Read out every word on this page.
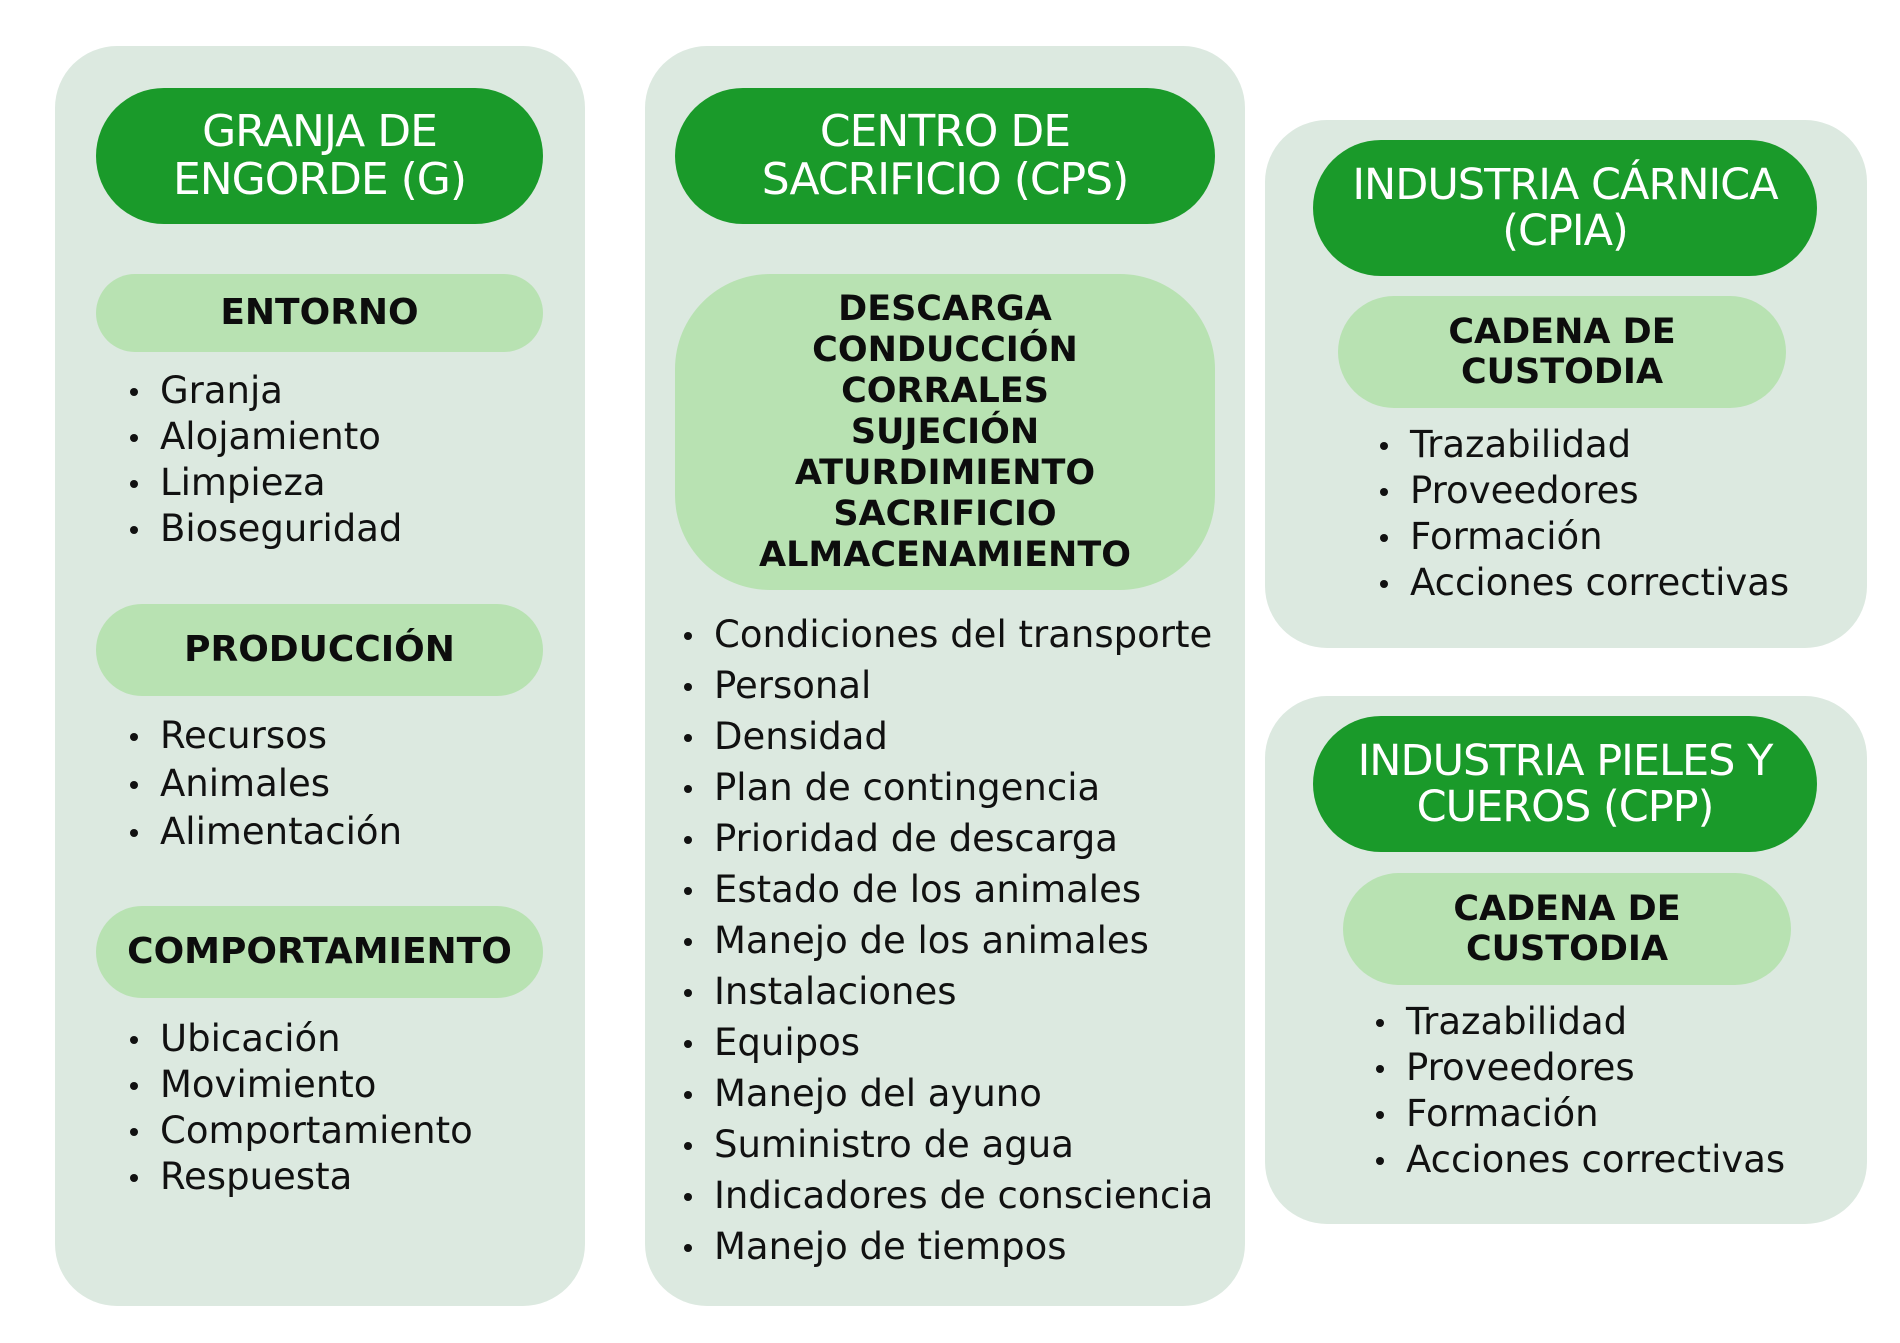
GRANJA DE
ENGORDE (G)
ENTORNO
Granja
Alojamiento
Limpieza
Bioseguridad
PRODUCCIÓN
Recursos
Animales
Alimentación
COMPORTAMIENTO
Ubicación
Movimiento
Comportamiento
Respuesta
CENTRO DE
SACRIFICIO (CPS)
DESCARGA
CONDUCCIÓN
CORRALES
SUJECIÓN
ATURDIMIENTO
SACRIFICIO
ALMACENAMIENTO
Condiciones del transporte
Personal
Densidad
Plan de contingencia
Prioridad de descarga
Estado de los animales
Manejo de los animales
Instalaciones
Equipos
Manejo del ayuno
Suministro de agua
Indicadores de consciencia
Manejo de tiempos
INDUSTRIA CÁRNICA
(CPIA)
CADENA DE
CUSTODIA
Trazabilidad
Proveedores
Formación
Acciones correctivas
INDUSTRIA PIELES Y
CUEROS (CPP)
CADENA DE
CUSTODIA
Trazabilidad
Proveedores
Formación
Acciones correctivas
